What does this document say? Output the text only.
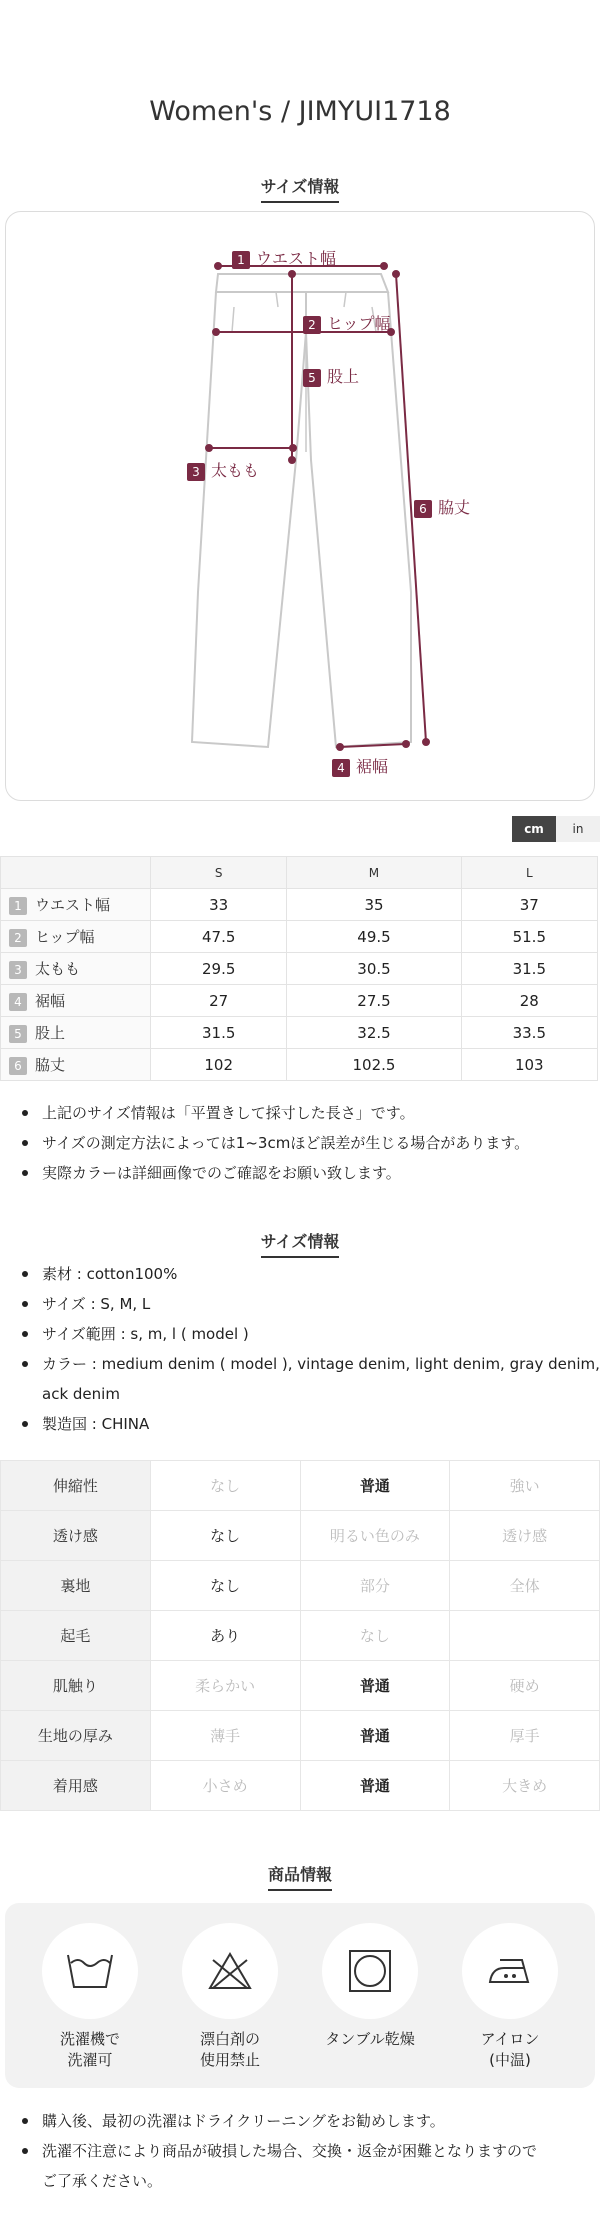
Women's / JIMYUI1718
サイズ情報
1 ウエスト幅
2 ヒップ幅
5 股上
3 太もも
6 脇丈
4 裾幅
cm	in
	S	M	L
1 ウエスト幅	33	35	37
2 ヒップ幅	47.5	49.5	51.5
3 太もも	29.5	30.5	31.5
4 裾幅	27	27.5	28
5 股上	31.5	32.5	33.5
6 脇丈	102	102.5	103
上記のサイズ情報は「平置きして採寸した長さ」です。
サイズの測定方法によっては1~3cmほど誤差が生じる場合があります。
実際カラーは詳細画像でのご確認をお願い致します。
サイズ情報
素材 : cotton100%
サイズ : S, M, L
サイズ範囲 : s, m, l ( model )
カラー : medium denim ( model ), vintage denim, light denim, gray denim,
ack denim
製造国 : CHINA
伸縮性	なし	普通	強い
透け感	なし	明るい色のみ	透け感
裏地	なし	部分	全体
起毛	あり	なし	
肌触り	柔らかい	普通	硬め
生地の厚み	薄手	普通	厚手
着用感	小さめ	普通	大きめ
商品情報
洗濯機で
洗濯可
漂白剤の
使用禁止
タンブル乾燥	アイロン
(中温)
購入後、最初の洗濯はドライクリーニングをお勧めします。
洗濯不注意により商品が破損した場合、交換・返金が困難となりますので
ご了承ください。
